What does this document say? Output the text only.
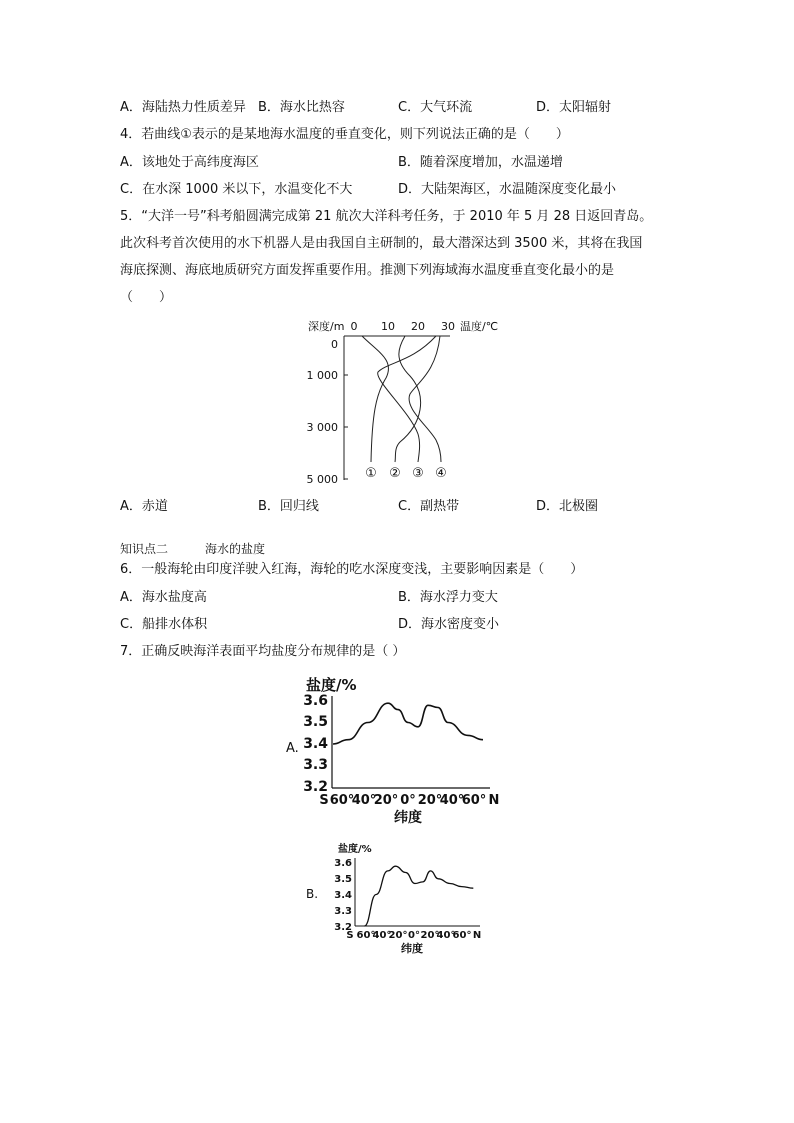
A．海陆热力性质差异 B．海水比热容	C．大气环流	D．太阳辐射
4．若曲线①表示的是某地海水温度的垂直变化，则下列说法正确的是（　　）
A．该地处于高纬度海区	B．随着深度增加，水温递增
C．在水深 1000 米以下，水温变化不大	D．大陆架海区，水温随深度变化最小
5．“大洋一号”科考船圆满完成第 21 航次大洋科考任务，于 2010 年 5 月 28 日返回青岛。
此次科考首次使用的水下机器人是由我国自主研制的，最大潜深达到 3500 米，其将在我国
海底探测、海底地质研究方面发挥重要作用。推测下列海域海水温度垂直变化最小的是
（　　）
深度/m	温度/℃
0 10 20 30
0
1 000
3 000
5 000 ① ② ③ ④
A．赤道	B．回归线	C．副热带	D．北极圈
知识点二	海水的盐度
6．一般海轮由印度洋驶入红海，海轮的吃水深度变浅，主要影响因素是（　　）
A．海水盐度高	B．海水浮力变大
C．船排水体积	D．海水密度变小
7．正确反映海洋表面平均盐度分布规律的是（ ）
A.
盐度/%
3.6
3.5
3.4
3.3
3.2
S 60°
40°
20° 0° 20°
40°
60° N
纬度
B.
盐度/%
3.6
3.5
3.4
3.3
3.2
S 60°
40°
20° 0° 20°
40°
60° N
纬度
